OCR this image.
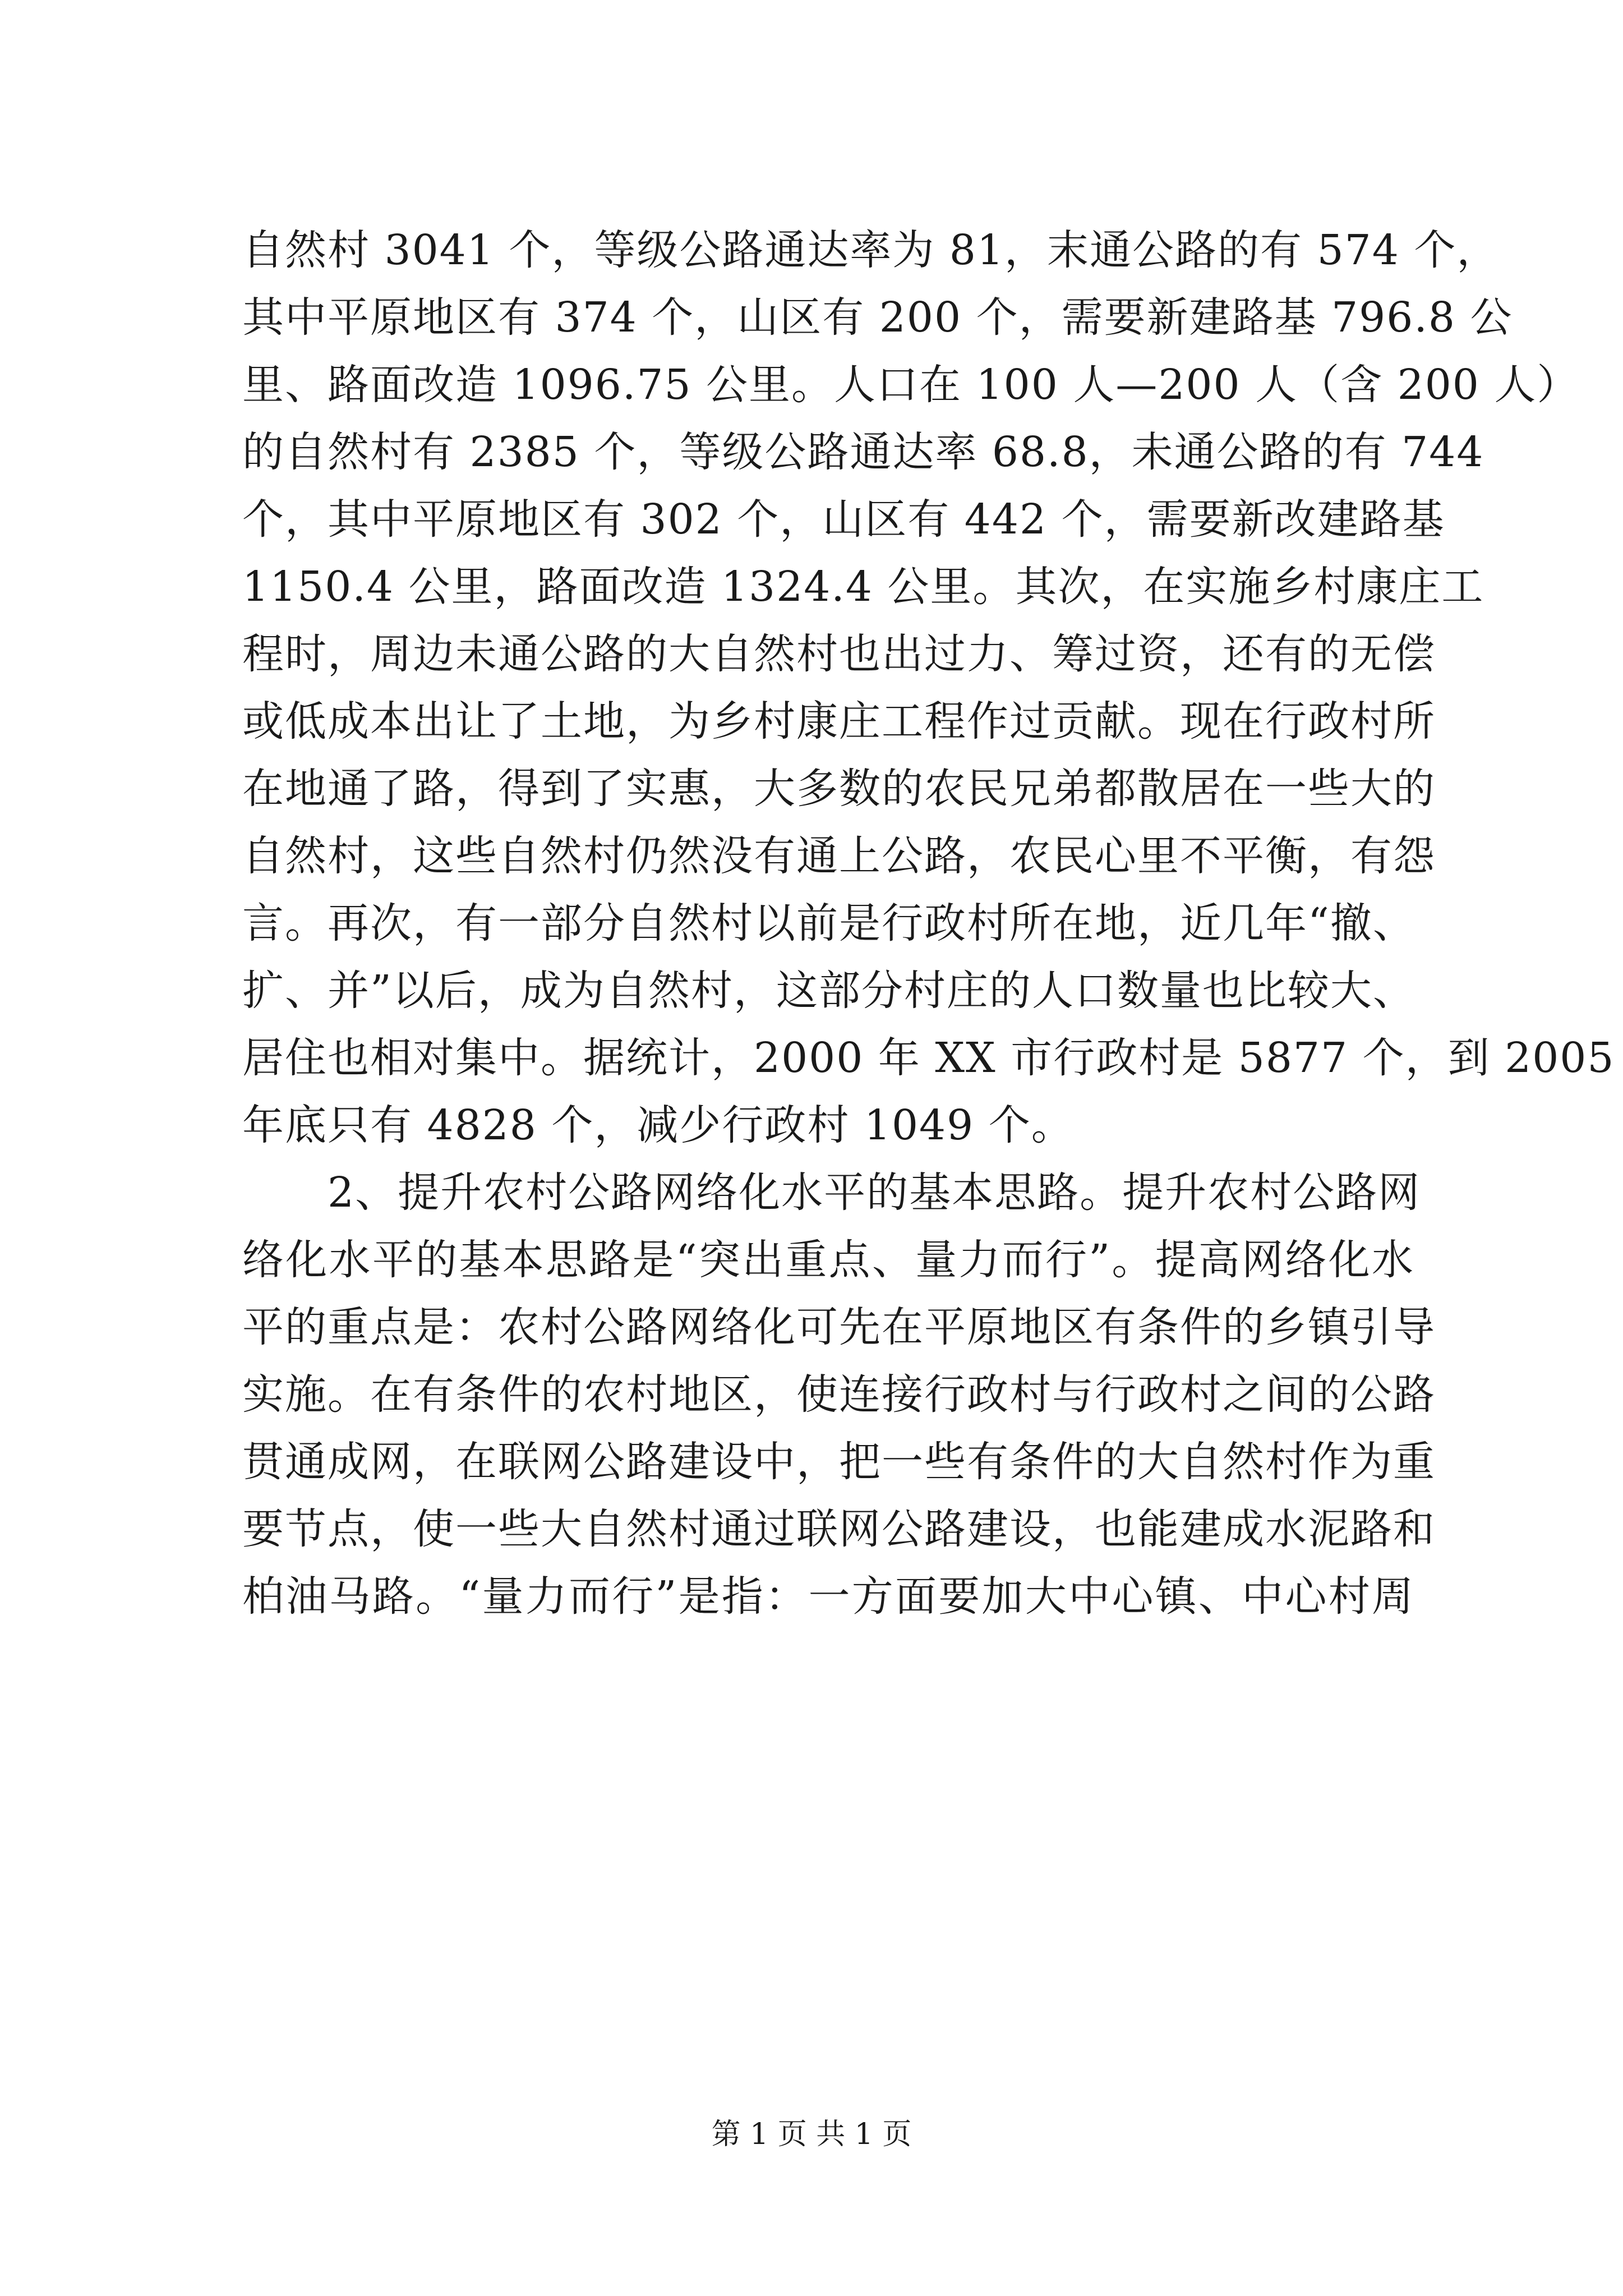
自然村 3041 个，等级公路通达率为 81，末通公路的有 574 个，
其中平原地区有 374 个，山区有 200 个，需要新建路基 796.8 公
里、路面改造 1096.75 公里。人口在 100 人—200 人（含 200 人）
的自然村有 2385 个，等级公路通达率 68.8，未通公路的有 744
个，其中平原地区有 302 个，山区有 442 个，需要新改建路基
1150.4 公里，路面改造 1324.4 公里。其次，在实施乡村康庄工
程时，周边未通公路的大自然村也出过力、筹过资，还有的无偿
或低成本出让了土地，为乡村康庄工程作过贡献。现在行政村所
在地通了路，得到了实惠，大多数的农民兄弟都散居在一些大的
自然村，这些自然村仍然没有通上公路，农民心里不平衡，有怨
言。再次，有一部分自然村以前是行政村所在地，近几年“撤、
扩、并”以后，成为自然村，这部分村庄的人口数量也比较大、
居住也相对集中。据统计，2000 年 XX 市行政村是 5877 个，到 2005
年底只有 4828 个，减少行政村 1049 个。
2、提升农村公路网络化水平的基本思路。提升农村公路网
络化水平的基本思路是“突出重点、量力而行”。提高网络化水
平的重点是：农村公路网络化可先在平原地区有条件的乡镇引导
实施。在有条件的农村地区，使连接行政村与行政村之间的公路
贯通成网，在联网公路建设中，把一些有条件的大自然村作为重
要节点，使一些大自然村通过联网公路建设，也能建成水泥路和
柏油马路。“量力而行”是指：一方面要加大中心镇、中心村周
第 1 页 共 1 页
